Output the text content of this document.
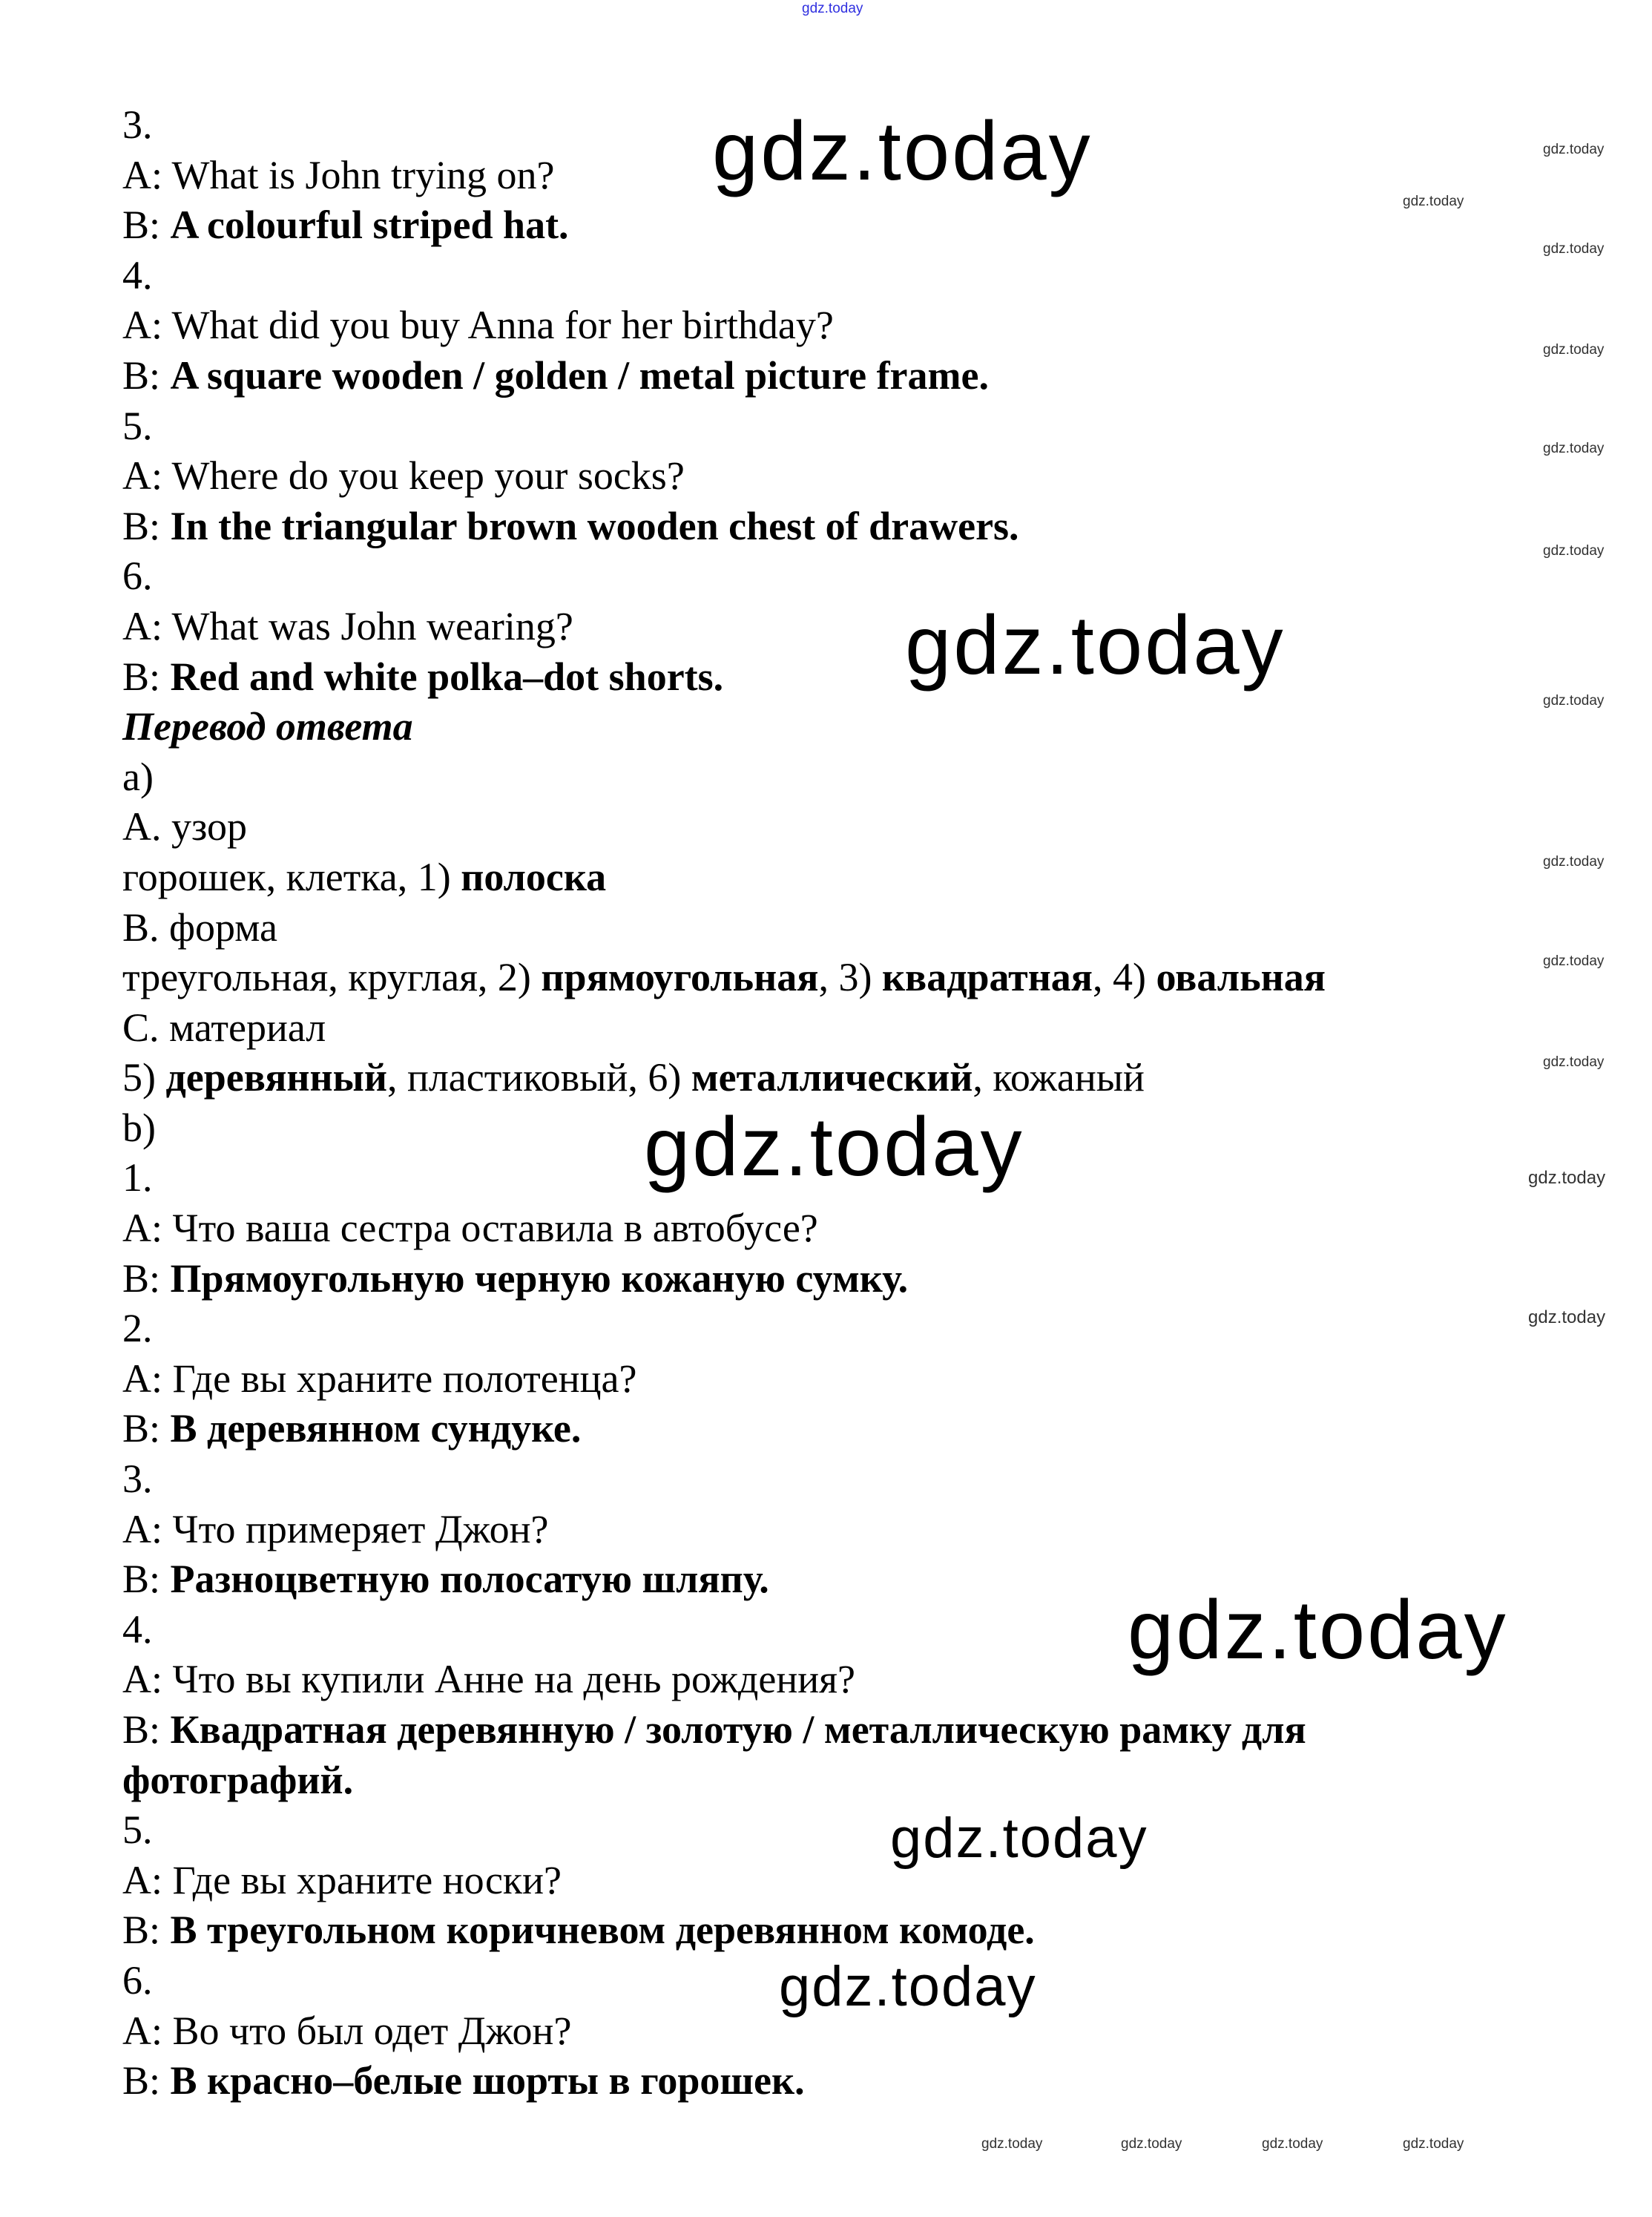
3.
A: What is John trying on?
B: A colourful striped hat.
4.
A: What did you buy Anna for her birthday?
B: A square wooden / golden / metal picture frame.
5.
A: Where do you keep your socks?
B: In the triangular brown wooden chest of drawers.
6.
A: What was John wearing?
B: Red and white polka–dot shorts.
Перевод ответа
a)
A. узор
горошек, клетка, 1) полоска
B. форма
треугольная, круглая, 2) прямоугольная, 3) квадратная, 4) овальная
C. материал
5) деревянный, пластиковый, 6) металлический, кожаный
b)
1.
A: Что ваша сестра оставила в автобусе?
B: Прямоугольную черную кожаную сумку.
2.
A: Где вы храните полотенца?
B: В деревянном сундуке.
3.
A: Что примеряет Джон?
B: Разноцветную полосатую шляпу.
4.
A: Что вы купили Анне на день рождения?
B: Квадратная деревянную / золотую / металлическую рамку для
фотографий.
5.
A: Где вы храните носки?
B: В треугольном коричневом деревянном комоде.
6.
A: Во что был одет Джон?
B: В красно–белые шорты в горошек.
gdz.today
gdz.today
gdz.today
gdz.today
gdz.today
gdz.today
gdz.today
gdz.today
gdz.today
gdz.today
gdz.today
gdz.today
gdz.today
gdz.today
gdz.today
gdz.today
gdz.today
gdz.today
gdz.today
gdz.today	gdz.today	gdz.today	gdz.today
